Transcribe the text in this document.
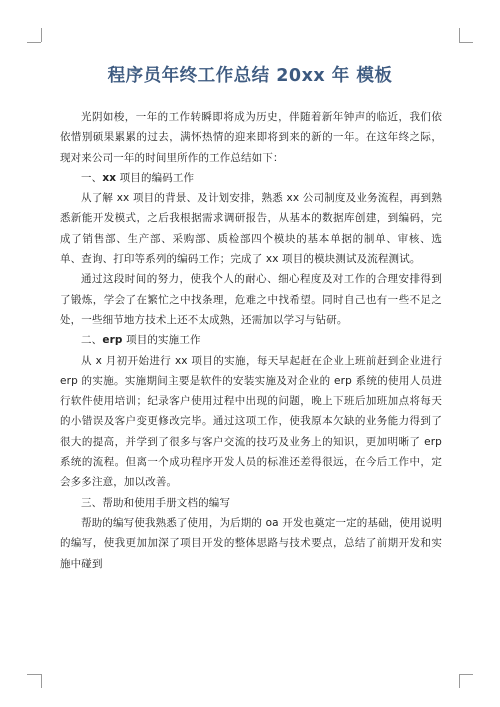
程序员年终工作总结 20xx 年 模板

光阴如梭，一年的工作转瞬即将成为历史，伴随着新年钟声的临近，我们依依惜别硕果累累的过去，满怀热情的迎来即将到来的新的一年。在这年终之际，现对来公司一年的时间里所作的工作总结如下：

一、xx 项目的编码工作

从了解 xx 项目的背景、及计划安排，熟悉 xx 公司制度及业务流程，再到熟悉新能开发模式，之后我根据需求调研报告，从基本的数据库创建，到编码，完成了销售部、生产部、采购部、质检部四个模块的基本单据的制单、审核、选单、查询、打印等系列的编码工作；完成了 xx 项目的模块测试及流程测试。

通过这段时间的努力，使我个人的耐心、细心程度及对工作的合理安排得到了锻炼，学会了在繁忙之中找条理，危难之中找希望。同时自己也有一些不足之处，一些细节地方技术上还不太成熟，还需加以学习与钻研。

二、erp 项目的实施工作

从 x 月初开始进行 xx 项目的实施，每天早起赶在企业上班前赶到企业进行 erp 的实施。实施期间主要是软件的安装实施及对企业的 erp 系统的使用人员进行软件使用培训；纪录客户使用过程中出现的问题，晚上下班后加班加点将每天的小错误及客户变更修改完毕。通过这项工作，使我原本欠缺的业务能力得到了很大的提高，并学到了很多与客户交流的技巧及业务上的知识，更加明晰了 erp 系统的流程。但离一个成功程序开发人员的标准还差得很远，在今后工作中，定会多多注意，加以改善。

三、帮助和使用手册文档的编写

帮助的编写使我熟悉了使用，为后期的 oa 开发也奠定一定的基础，使用说明的编写，使我更加加深了项目开发的整体思路与技术要点，总结了前期开发和实施中碰到
